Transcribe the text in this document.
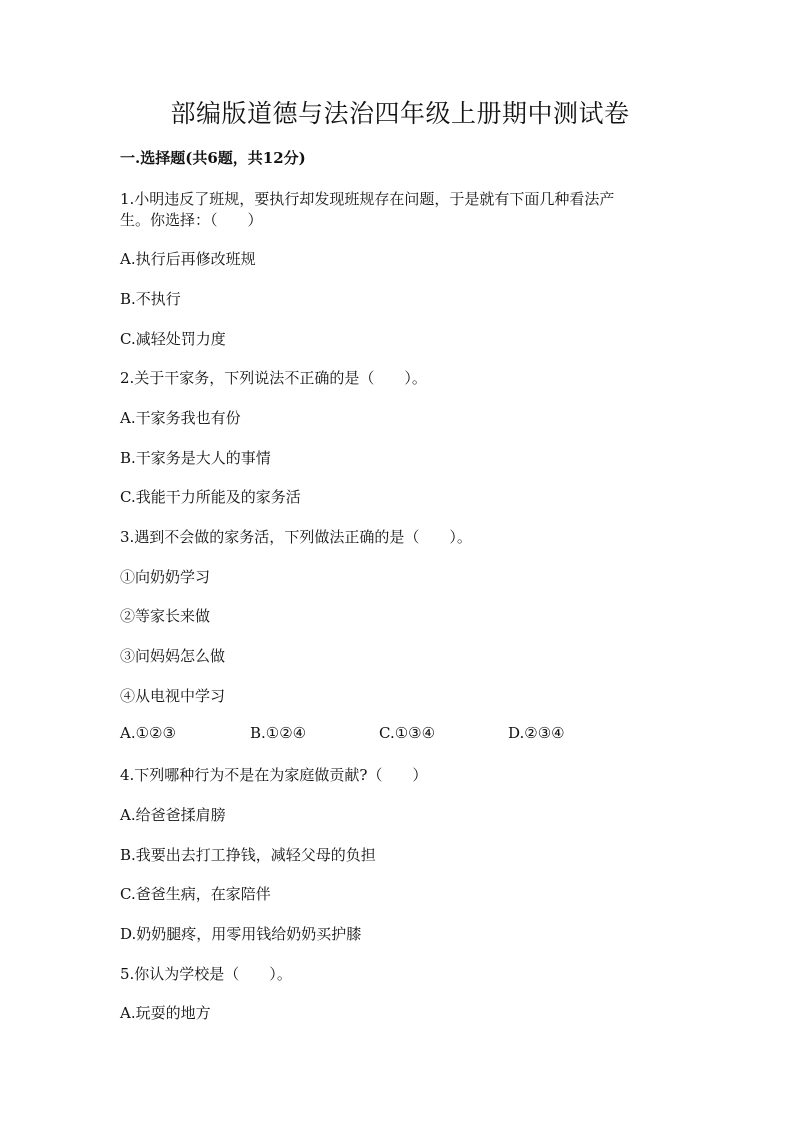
部编版道德与法治四年级上册期中测试卷
一.选择题(共6题，共12分)
1.小明违反了班规，要执行却发现班规存在问题，于是就有下面几种看法产
生。你选择：（　　）
A.执行后再修改班规
B.不执行
C.减轻处罚力度
2.关于干家务，下列说法不正确的是（　　）。
A.干家务我也有份
B.干家务是大人的事情
C.我能干力所能及的家务活
3.遇到不会做的家务活，下列做法正确的是（　　）。
①向奶奶学习
②等家长来做
③问妈妈怎么做
④从电视中学习
A.①②③	B.①②④	C.①③④	D.②③④
4.下列哪种行为不是在为家庭做贡献?（　　）
A.给爸爸揉肩膀
B.我要出去打工挣钱，减轻父母的负担
C.爸爸生病，在家陪伴
D.奶奶腿疼，用零用钱给奶奶买护膝
5.你认为学校是（　　）。
A.玩耍的地方
